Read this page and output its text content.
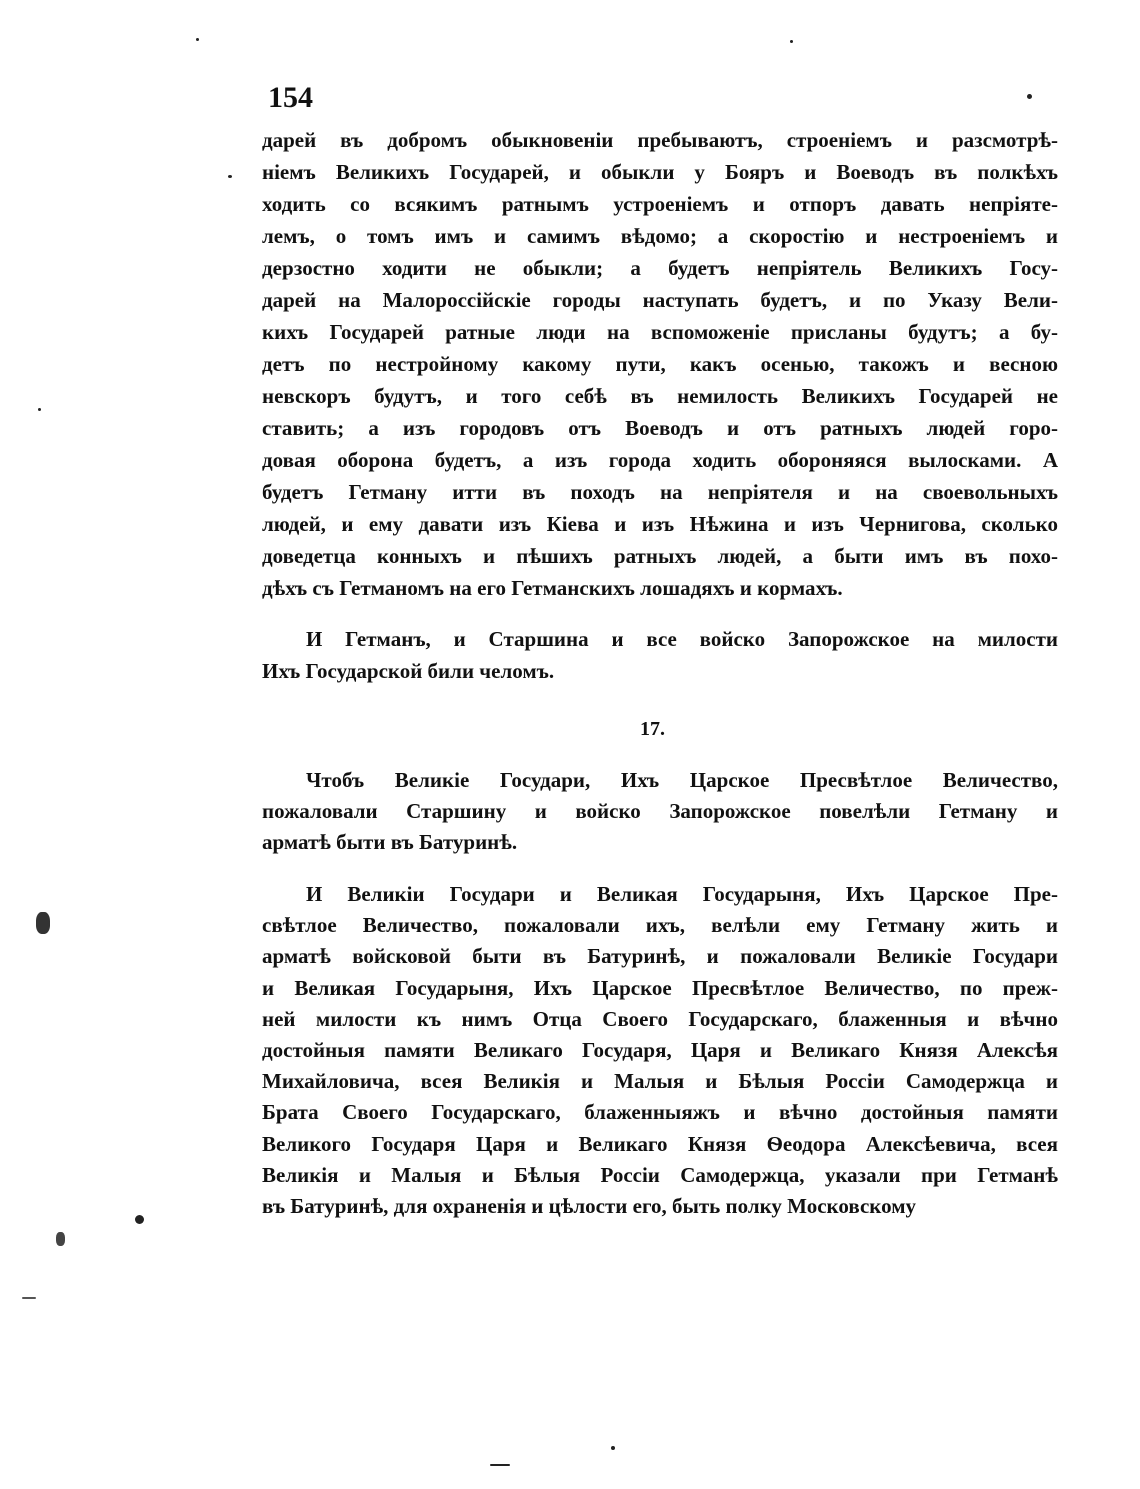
154
дарей въ добромъ обыкновеніи пребываютъ, строеніемъ и разсмотрѣ-
ніемъ Великихъ Государей, и обыкли у Бояръ и Воеводъ въ полкѣхъ
ходить со всякимъ ратнымъ устроеніемъ и отпоръ давать непріяте-
лемъ, о томъ имъ и самимъ вѣдомо; а скоростію и нестроеніемъ и
дерзостно ходити не обыкли; а будетъ непріятель Великихъ Госу-
дарей на Малороссійскіе городы наступать будетъ, и по Указу Вели-
кихъ Государей ратные люди на вспоможеніе присланы будутъ; а бу-
детъ по нестройному какому пути, какъ осенью, такожъ и весною
невскоръ будутъ, и того себѣ въ немилость Великихъ Государей не
ставить; а изъ городовъ отъ Воеводъ и отъ ратныхъ людей горо-
довая оборона будетъ, а изъ города ходить обороняяся вылосками. А
будетъ Гетману итти въ походъ на непріятеля и на своевольныхъ
людей, и ему давати изъ Кіева и изъ Нѣжина и изъ Чернигова, сколько
доведетца конныхъ и пѣшихъ ратныхъ людей, а быти имъ въ похо-
дѣхъ съ Гетманомъ на его Гетманскихъ лошадяхъ и кормахъ.
И Гетманъ, и Старшина и все войско Запорожское на милости
Ихъ Государской били челомъ.
17.
Чтобъ Великіе Государи, Ихъ Царское Пресвѣтлое Величество,
пожаловали Старшину и войско Запорожское повелѣли Гетману и
арматѣ быти въ Батуринѣ.
И Великіи Государи и Великая Государыня, Ихъ Царское Пре-
свѣтлое Величество, пожаловали ихъ, велѣли ему Гетману жить и
арматѣ войсковой быти въ Батуринѣ, и пожаловали Великіе Государи
и Великая Государыня, Ихъ Царское Пресвѣтлое Величество, по преж-
ней милости къ нимъ Отца Своего Государскаго, блаженныя и вѣчно
достойныя памяти Великаго Государя, Царя и Великаго Князя Алексѣя
Михайловича, всея Великія и Малыя и Бѣлыя Россіи Самодержца и
Брата Своего Государскаго, блаженныяжъ и вѣчно достойныя памяти
Великого Государя Царя и Великаго Князя Ѳеодора Алексѣевича, всея
Великія и Малыя и Бѣлыя Россіи Самодержца, указали при Гетманѣ
въ Батуринѣ, для охраненія и цѣлости его, быть полку Московскому
